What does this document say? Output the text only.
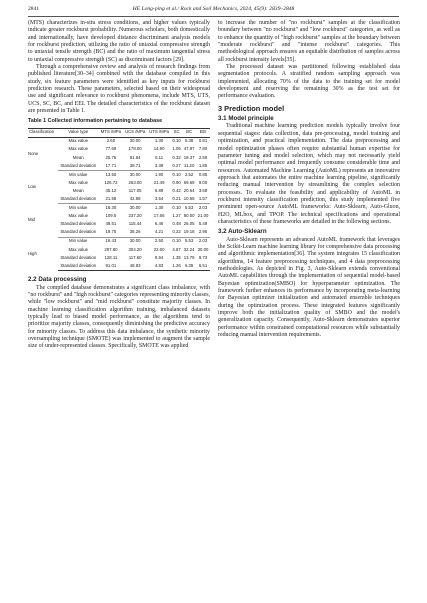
2841	HE Long-ping et al./ Rock and Soil Mechanics, 2024, 45(9): 2839–2848

(MTS) characterizes in-situ stress conditions, and higher values typically indicate greater rockburst probability. Numerous scholars, both domestically and internationally, have developed distance discriminant analysis models for rockburst prediction, utilizing the ratio of uniaxial compressive strength to uniaxial tensile strength (BC) and the ratio of maximum tangential stress to uniaxial compressive strength (SC) as discriminant factors [29].

Through a comprehensive review and analysis of research findings from published literature[30–34] combined with the database compiled in this study, six feature parameters were identified as key inputs for rockburst prediction research. These parameters, selected based on their widespread use and significant relevance to rockburst phenomena, include MTS, UTS, UCS, SC, BC, and EEI. The detailed characteristics of the rockburst dataset are presented in Table 1.

Table 1 Collected information pertaining to database
Classification	Value type	MTS /MPa	UCS /MPa	UTS /MPa	SC	BC	EEI
None	Max value	2.60	30.00	1.30	0.10	5.38	0.81
	Max value	77.69	178.00	14.90	1.05	47.97	7.80
	Mean	25.76	91.64	6.11	0.32	18.37	2.59
	Standard deviation	17.71	38.71	3.38	0.27	11.20	1.85
Low	Min value	13.50	30.00	1.90	0.10	2.52	0.85
	Max value	126.72	263.00	21.49	0.90	69.69	9.00
	Mean	45.12	117.05	6.89	0.42	20.64	3.68
	Standard deviation	21.58	42.88	3.54	0.21	10.65	1.57
Mid	Min value	16.30	30.00	1.30	0.10	5.53	2.03
	Max value	109.5	237.20	17.66	1.27	80.00	21.00
	Standard deviation	49.51	115.44	6.46	0.48	26.05	5.49
	Standard deviation	19.75	38.26	4.21	0.22	19.18	2.95
High	Min value	16.43	30.00	2.50	0.10	5.53	2.03
	Max value	297.80	304.20	22.60	4.87	32.24	30.00
	Standard deviation	128.11	117.60	9.94	1.35	13.79	9.73
	Standard deviation	91.01	48.83	4.83	1.26	6.35	6.51
2.2 Data processing

The compiled database demonstrates a significant class imbalance, with "no rockburst" and "high rockburst" categories representing minority classes, while "low rockburst" and "mid rockburst" constitute majority classes. In machine learning classification algorithm training, imbalanced datasets typically lead to biased model performance, as the algorithms tend to prioritize majority classes, consequently diminishing the predictive accuracy for minority classes. To address this data imbalance, the synthetic minority oversampling technique (SMOTE) was implemented to augment the sample size of under-represented classes. Specifically, SMOTE was applied

to increase the number of "no rockburst" samples at the classification boundary between "no rockburst" and "low rockburst" categories, as well as to enhance the quantity of "high rockburst" samples at the boundary between "moderate rockburst" and "intense rockburst" categories. This methodological approach ensures an equitable distribution of samples across all rockburst intensity levels[35].

The processed dataset was partitioned following established data segmentation protocols. A stratified random sampling approach was implemented, allocating 70% of the data to the training set for model development and reserving the remaining 30% as the test set for performance evaluation.

3 Prediction model
3.1 Model principle

Traditional machine learning prediction models typically involve four sequential stages: data collection, data pre-processing, model training and optimization, and practical implementation. The data preprocessing and model optimization phases often require substantial human expertise for parameter tuning and model selection, which may not necessarily yield optimal model performance and frequently consume considerable time and resources. Automated Machine Learning (AutoML) represents an innovative approach that automates the entire machine learning pipeline, significantly reducing manual intervention by streamlining the complex selection processes. To evaluate the feasibility and applicability of AutoML in rockburst intensity classification prediction, this study implemented five prominent open-source AutoML frameworks: Auto-Sklearn, Auto-Gluon, H2O, MLbox, and TPOP. The technical specifications and operational characteristics of these frameworks are detailed in the following sections.

3.2 Auto-Sklearn

Auto-Sklearn represents an advanced AutoML framework that leverages the Scikit-Learn machine learning library for comprehensive data processing and algorithmic implementation[36]. The system integrates 15 classification algorithms, 14 feature preprocessing techniques, and 4 data preprocessing methodologies. As depicted in Fig. 3, Auto-Sklearn extends conventional AutoML capabilities through the implementation of sequential model-based Bayesian optimization(SMBO) for hyperparameter optimization. The framework further enhances its performance by incorporating meta-learning for Bayesian optimizer initialization and automated ensemble techniques during the optimization process. These integrated features significantly improve both the initialization quality of SMBO and the model's generalization capacity. Consequently, Auto-Sklearn demonstrates superior performance within constrained computational resources while substantially reducing manual intervention requirements.
